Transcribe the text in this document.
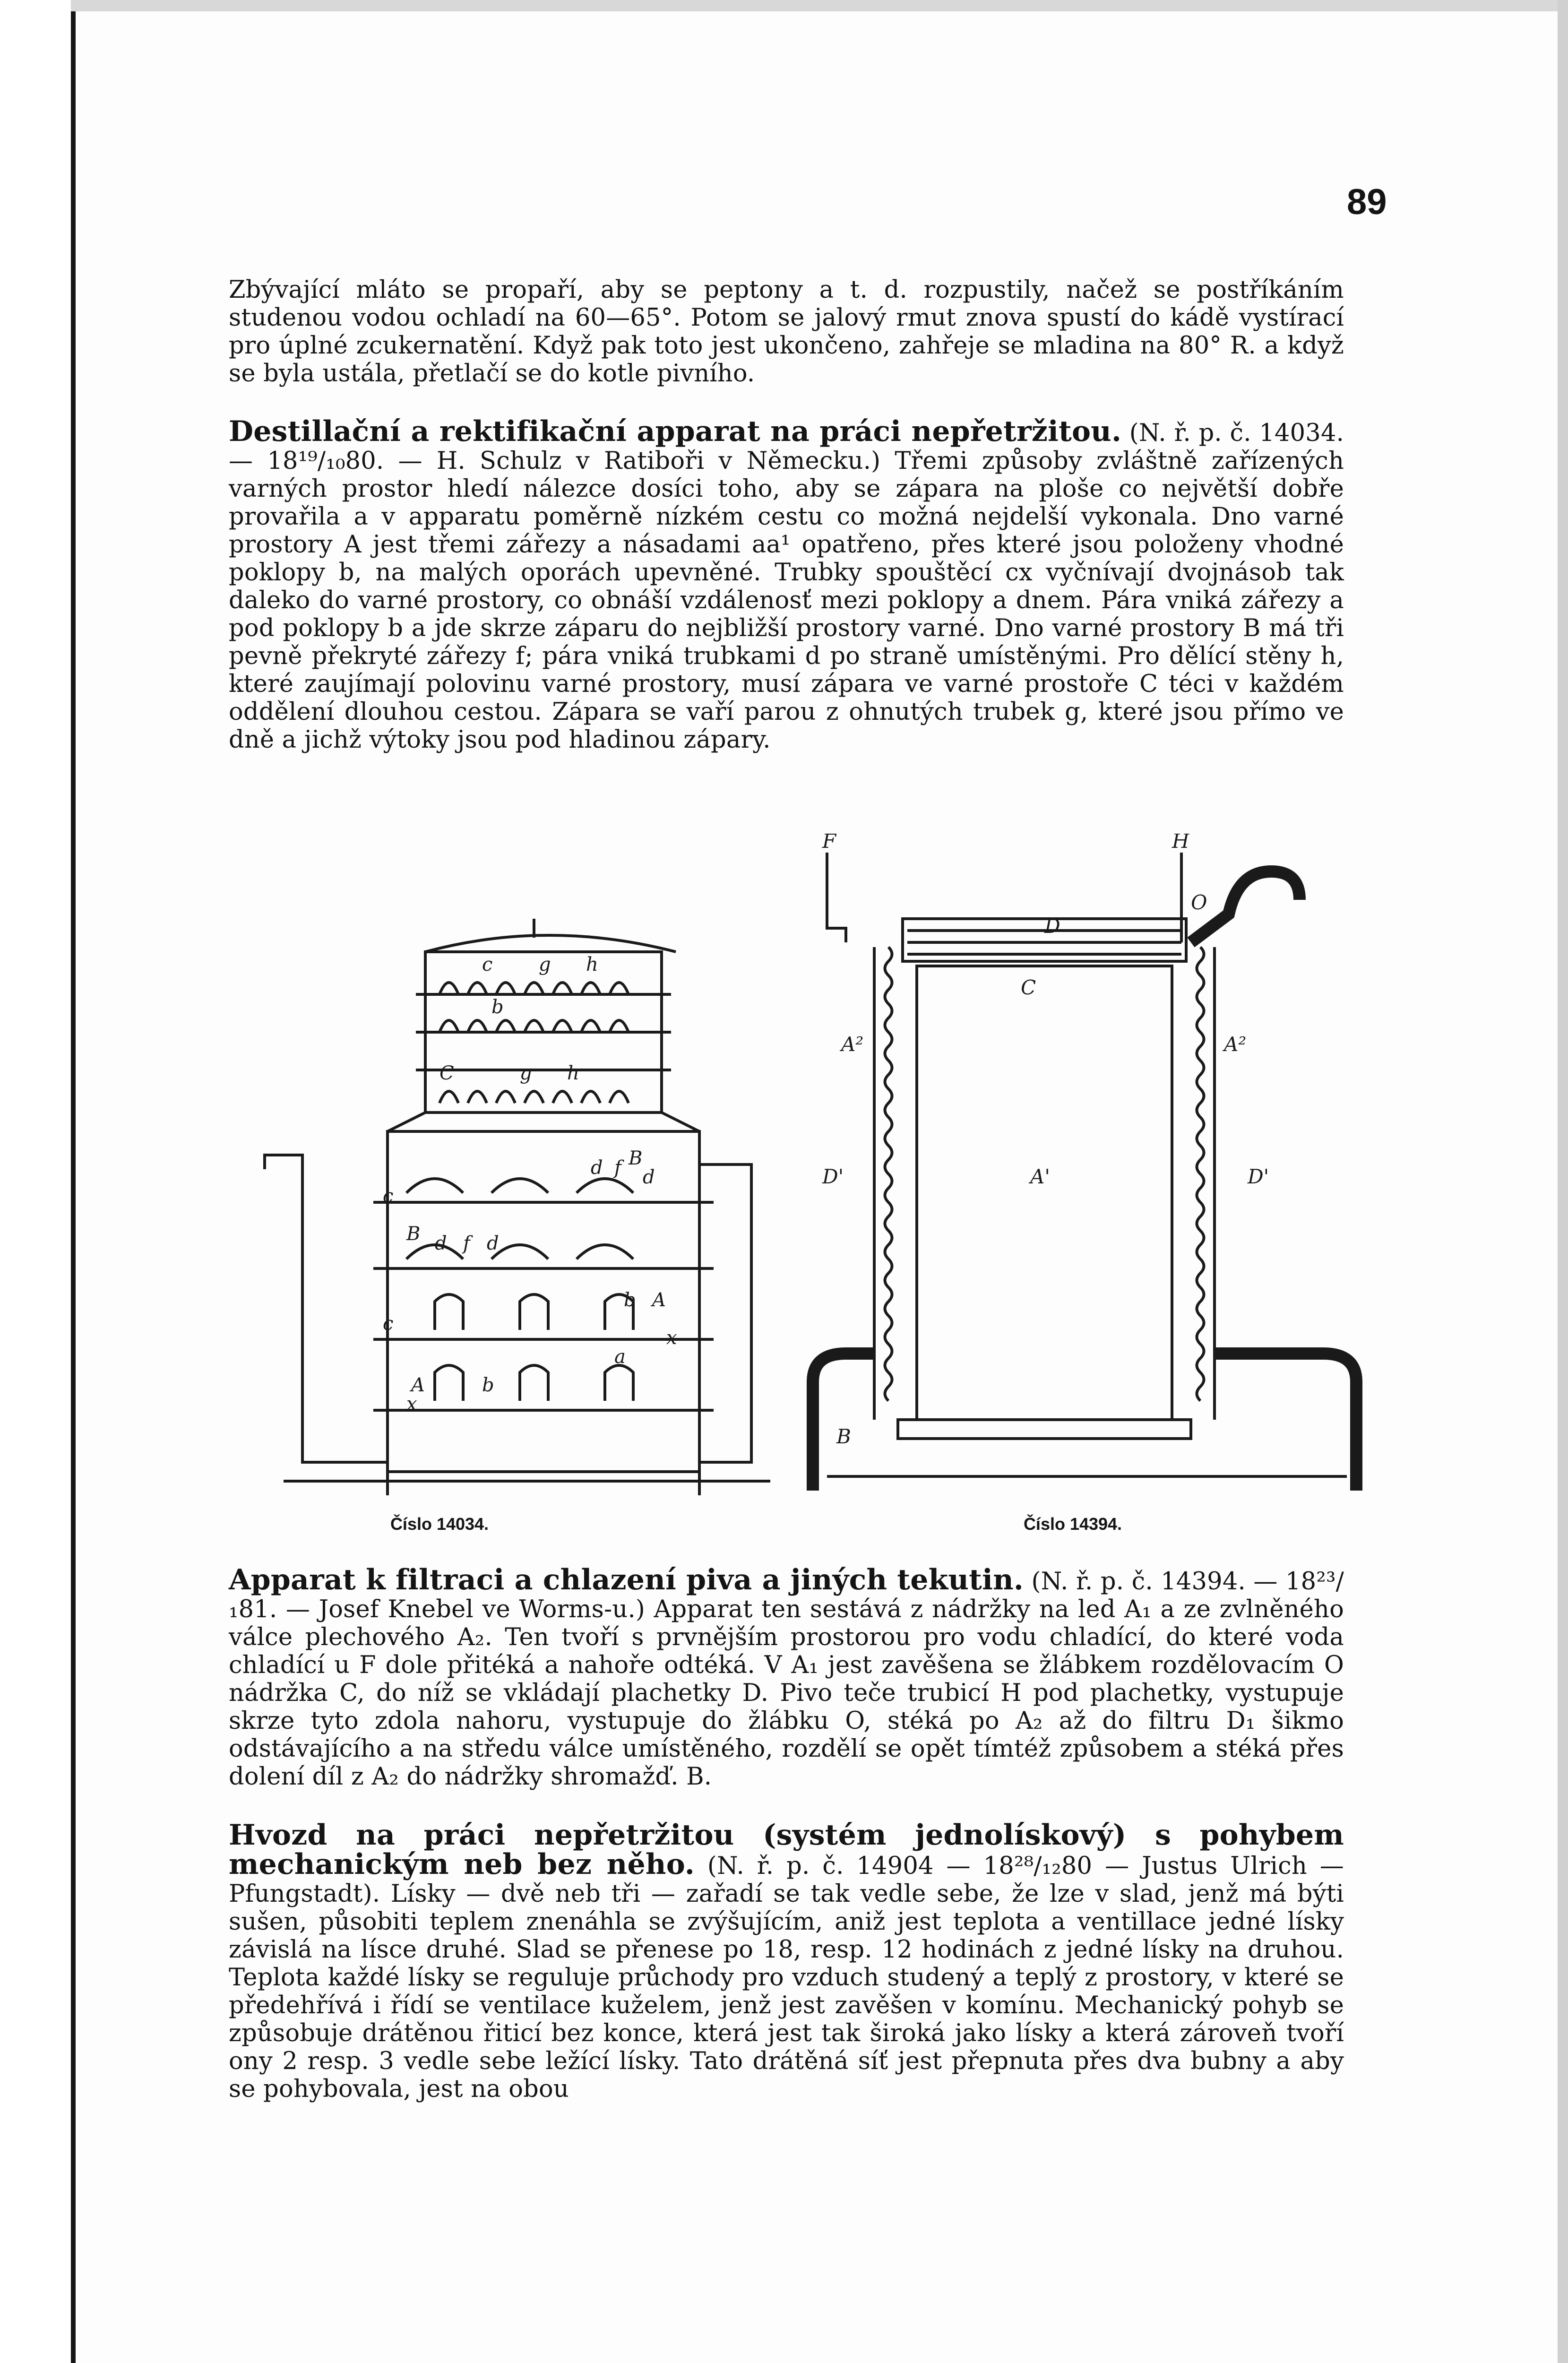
89
Zbývající mláto se propaří, aby se peptony a t. d. rozpustily, načež se postříkáním studenou vodou ochladí na 60—65°. Potom se jalový rmut znova spustí do kádě vystírací pro úplné zcukernatění. Když pak toto jest ukončeno, zahřeje se mladina na 80° R. a když se byla ustála, přetlačí se do kotle pivního.
Destillační a rektifikační apparat na práci nepřetržitou. (N. ř. p. č. 14034. — 18¹⁹/₁₀80. — H. Schulz v Ratiboři v Německu.) Třemi způsoby zvláštně zařízených varných prostor hledí nálezce dosíci toho, aby se zápara na ploše co největší dobře provařila a v apparatu poměrně nízkém cestu co možná nejdelší vykonala. Dno varné prostory A jest třemi zářezy a násadami aa¹ opatřeno, přes které jsou položeny vhodné poklopy b, na malých oporách upevněné. Trubky spouštěcí cx vyčnívají dvojnásob tak daleko do varné prostory, co obnáší vzdálenosť mezi poklopy a dnem. Pára vniká zářezy a pod poklopy b a jde skrze záparu do nejbližší prostory varné. Dno varné prostory B má tři pevně překryté zářezy f; pára vniká trubkami d po straně umístěnými. Pro dělící stěny h, které zaujímají polovinu varné prostory, musí zápara ve varné prostoře C téci v každém oddělení dlouhou cestou. Zápara se vaří parou z ohnutých trubek g, které jsou přímo ve dně a jichž výtoky jsou pod hladinou zápary.
c g h
b
C	g h
d f B
d
c
B d f d
b A
c
x
a
A	b
x
Číslo 14034.
F	H
O
D
C
A²	A²
D'	D'
A'
B
Číslo 14394.
Apparat k filtraci a chlazení piva a jiných tekutin. (N. ř. p. č. 14394. — 18²³/₁81. — Josef Knebel ve Worms-u.) Apparat ten sestává z nádržky na led A₁ a ze zvlněného válce plechového A₂. Ten tvoří s prvnějším prostorou pro vodu chladící, do které voda chladící u F dole přitéká a nahoře odtéká. V A₁ jest zavěšena se žlábkem rozdělovacím O nádržka C, do níž se vkládají plachetky D. Pivo teče trubicí H pod plachetky, vystupuje skrze tyto zdola nahoru, vystupuje do žlábku O, stéká po A₂ až do filtru D₁ šikmo odstávajícího a na středu válce umístěného, rozdělí se opět tímtéž způsobem a stéká přes dolení díl z A₂ do nádržky shromažď. B.
Hvozd na práci nepřetržitou (systém jednolískový) s pohybem mechanickým neb bez něho. (N. ř. p. č. 14904 — 18²⁸/₁₂80 — Justus Ulrich — Pfungstadt). Lísky — dvě neb tři — zařadí se tak vedle sebe, že lze v slad, jenž má býti sušen, působiti teplem znenáhla se zvýšujícím, aniž jest teplota a ventillace jedné lísky závislá na lísce druhé. Slad se přenese po 18, resp. 12 hodinách z jedné lísky na druhou. Teplota každé lísky se reguluje průchody pro vzduch studený a teplý z prostory, v které se předehřívá i řídí se ventilace kuželem, jenž jest zavěšen v komínu. Mechanický pohyb se způsobuje drátěnou řiticí bez konce, která jest tak široká jako lísky a která zároveň tvoří ony 2 resp. 3 vedle sebe ležící lísky. Tato drátěná síť jest přepnuta přes dva bubny a aby se pohybovala, jest na obou
